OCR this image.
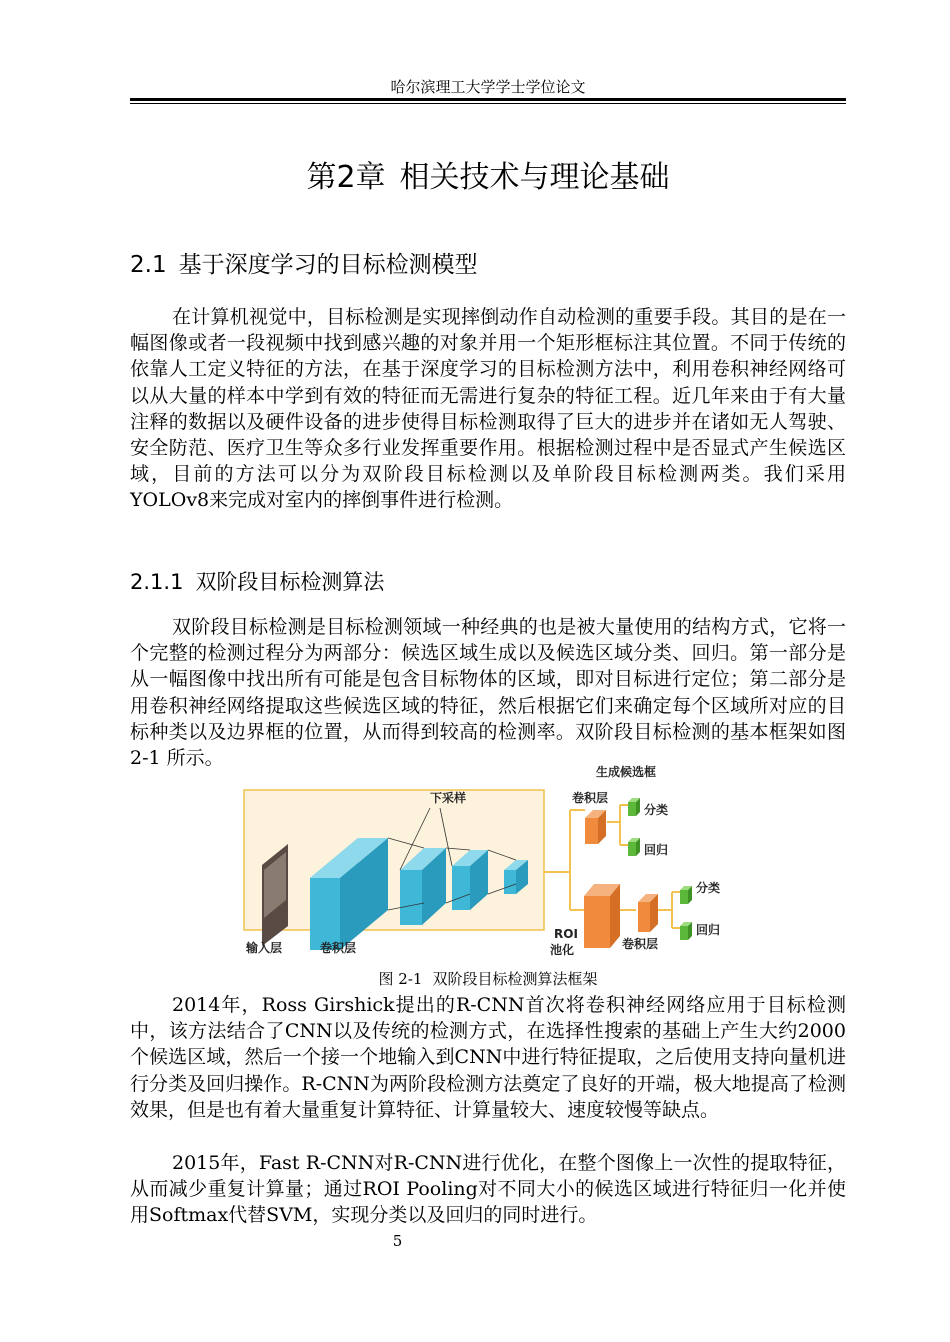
哈尔滨理工大学学士学位论文
第2章 相关技术与理论基础
2.1 基于深度学习的目标检测模型

在计算机视觉中，目标检测是实现摔倒动作自动检测的重要手段。其目的是在一幅图像或者一段视频中找到感兴趣的对象并用一个矩形框标注其位置。不同于传统的依靠人工定义特征的方法，在基于深度学习的目标检测方法中，利用卷积神经网络可以从大量的样本中学到有效的特征而无需进行复杂的特征工程。近几年来由于有大量注释的数据以及硬件设备的进步使得目标检测取得了巨大的进步并在诸如无人驾驶、安全防范、医疗卫生等众多行业发挥重要作用。根据检测过程中是否显式产生候选区域，目前的方法可以分为双阶段目标检测以及单阶段目标检测两类。我们采用YOLOv8来完成对室内的摔倒事件进行检测。

2.1.1 双阶段目标检测算法

双阶段目标检测是目标检测领域一种经典的也是被大量使用的结构方式，它将一个完整的检测过程分为两部分：候选区域生成以及候选区域分类、回归。第一部分是从一幅图像中找出所有可能是包含目标物体的区域，即对目标进行定位；第二部分是用卷积神经网络提取这些候选区域的特征，然后根据它们来确定每个区域所对应的目标种类以及边界框的位置，从而得到较高的检测率。双阶段目标检测的基本框架如图 2-1 所示。

下采样
输入层	卷积层
生成候选框
卷积层
分类
回归
ROI
池化	卷积层
分类
回归
图 2-1 双阶段目标检测算法框架

2014年，Ross Girshick提出的R-CNN首次将卷积神经网络应用于目标检测中，该方法结合了CNN以及传统的检测方式，在选择性搜索的基础上产生大约2000个候选区域，然后一个接一个地输入到CNN中进行特征提取，之后使用支持向量机进行分类及回归操作。R-CNN为两阶段检测方法奠定了良好的开端，极大地提高了检测效果，但是也有着大量重复计算特征、计算量较大、速度较慢等缺点。

2015年，Fast R-CNN对R-CNN进行优化，在整个图像上一次性的提取特征，从而减少重复计算量；通过ROI Pooling对不同大小的候选区域进行特征归一化并使用Softmax代替SVM，实现分类以及回归的同时进行。

5
